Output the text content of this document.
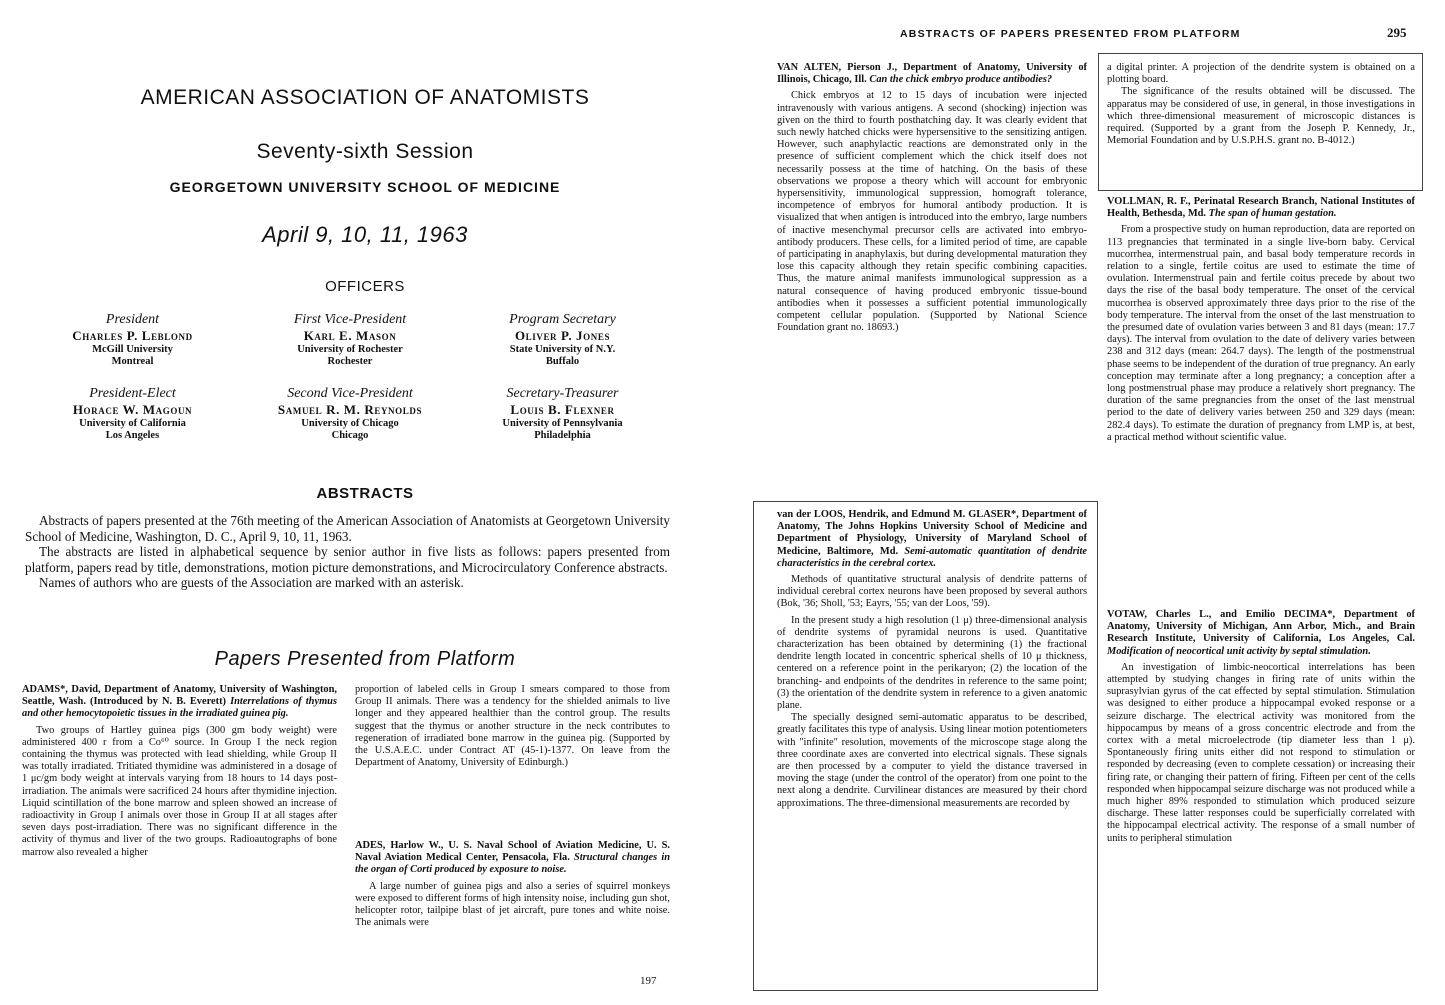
AMERICAN ASSOCIATION OF ANATOMISTS
Seventy-sixth Session
GEORGETOWN UNIVERSITY SCHOOL OF MEDICINE
April 9, 10, 11, 1963
OFFICERS
President
Charles P. Leblond
McGill University
Montreal
First Vice-President
Karl E. Mason
University of Rochester
Rochester
Program Secretary
Oliver P. Jones
State University of N.Y.
Buffalo
President-Elect
Horace W. Magoun
University of California
Los Angeles
Second Vice-President
Samuel R. M. Reynolds
University of Chicago
Chicago
Secretary-Treasurer
Louis B. Flexner
University of Pennsylvania
Philadelphia
ABSTRACTS

Abstracts of papers presented at the 76th meeting of the American Association of Anatomists at Georgetown University School of Medicine, Washington, D. C., April 9, 10, 11, 1963.

The abstracts are listed in alphabetical sequence by senior author in five lists as follows: papers presented from platform, papers read by title, demonstrations, motion picture demonstrations, and Microcirculatory Conference abstracts.

Names of authors who are guests of the Association are marked with an asterisk.

Papers Presented from Platform

ADAMS*, David, Department of Anatomy, University of Washington, Seattle, Wash. (Introduced by N. B. Everett) Interrelations of thymus and other hemocytopoietic tissues in the irradiated guinea pig.

Two groups of Hartley guinea pigs (300 gm body weight) were administered 400 r from a Co⁶⁰ source. In Group I the neck region containing the thymus was protected with lead shielding, while Group II was totally irradiated. Tritiated thymidine was administered in a dosage of 1 μc/gm body weight at intervals varying from 18 hours to 14 days post-irradiation. The animals were sacrificed 24 hours after thymidine injection. Liquid scintillation of the bone marrow and spleen showed an increase of radioactivity in Group I animals over those in Group II at all stages after seven days post-irradiation. There was no significant difference in the activity of thymus and liver of the two groups. Radioautographs of bone marrow also revealed a higher

proportion of labeled cells in Group I smears compared to those from Group II animals. There was a tendency for the shielded animals to live longer and they appeared healthier than the control group. The results suggest that the thymus or another structure in the neck contributes to regeneration of irradiated bone marrow in the guinea pig. (Supported by the U.S.A.E.C. under Contract AT (45-1)-1377. On leave from the Department of Anatomy, University of Edinburgh.)

ADES, Harlow W., U. S. Naval School of Aviation Medicine, U. S. Naval Aviation Medical Center, Pensacola, Fla. Structural changes in the organ of Corti produced by exposure to noise.

A large number of guinea pigs and also a series of squirrel monkeys were exposed to different forms of high intensity noise, including gun shot, helicopter rotor, tailpipe blast of jet aircraft, pure tones and white noise. The animals were

197
ABSTRACTS OF PAPERS PRESENTED FROM PLATFORM	295

VAN ALTEN, Pierson J., Department of Anatomy, University of Illinois, Chicago, Ill. Can the chick embryo produce antibodies?

Chick embryos at 12 to 15 days of incubation were injected intravenously with various antigens. A second (shocking) injection was given on the third to fourth posthatching day. It was clearly evident that such newly hatched chicks were hypersensitive to the sensitizing antigen. However, such anaphylactic reactions are demonstrated only in the presence of sufficient complement which the chick itself does not necessarily possess at the time of hatching. On the basis of these observations we propose a theory which will account for embryonic hypersensitivity, immunological suppression, homograft tolerance, incompetence of embryos for humoral antibody production. It is visualized that when antigen is introduced into the embryo, large numbers of inactive mesenchymal precursor cells are activated into embryo-antibody producers. These cells, for a limited period of time, are capable of participating in anaphylaxis, but during developmental maturation they lose this capacity although they retain specific combining capacities. Thus, the mature animal manifests immunological suppression as a natural consequence of having produced embryonic tissue-bound antibodies when it possesses a sufficient potential immunologically competent cellular population. (Supported by National Science Foundation grant no. 18693.)

van der LOOS, Hendrik, and Edmund M. GLASER*, Department of Anatomy, The Johns Hopkins University School of Medicine and Department of Physiology, University of Maryland School of Medicine, Baltimore, Md. Semi-automatic quantitation of dendrite characteristics in the cerebral cortex.

Methods of quantitative structural analysis of dendrite patterns of individual cerebral cortex neurons have been proposed by several authors (Bok, '36; Sholl, '53; Eayrs, '55; van der Loos, '59).

In the present study a high resolution (1 μ) three-dimensional analysis of dendrite systems of pyramidal neurons is used. Quantitative characterization has been obtained by determining (1) the fractional dendrite length located in concentric spherical shells of 10 μ thickness, centered on a reference point in the perikaryon; (2) the location of the branching- and endpoints of the dendrites in reference to the same point; (3) the orientation of the dendrite system in reference to a given anatomic plane.

The specially designed semi-automatic apparatus to be described, greatly facilitates this type of analysis. Using linear motion potentiometers with "infinite" resolution, movements of the microscope stage along the three coordinate axes are converted into electrical signals. These signals are then processed by a computer to yield the distance traversed in moving the stage (under the control of the operator) from one point to the next along a dendrite. Curvilinear distances are measured by their chord approximations. The three-dimensional measurements are recorded by

a digital printer. A projection of the dendrite system is obtained on a plotting board.

The significance of the results obtained will be discussed. The apparatus may be considered of use, in general, in those investigations in which three-dimensional measurement of microscopic distances is required. (Supported by a grant from the Joseph P. Kennedy, Jr., Memorial Foundation and by U.S.P.H.S. grant no. B-4012.)

VOLLMAN, R. F., Perinatal Research Branch, National Institutes of Health, Bethesda, Md. The span of human gestation.

From a prospective study on human reproduction, data are reported on 113 pregnancies that terminated in a single live-born baby. Cervical mucorrhea, intermenstrual pain, and basal body temperature records in relation to a single, fertile coitus are used to estimate the time of ovulation. Intermenstrual pain and fertile coitus precede by about two days the rise of the basal body temperature. The onset of the cervical mucorrhea is observed approximately three days prior to the rise of the body temperature. The interval from the onset of the last menstruation to the presumed date of ovulation varies between 3 and 81 days (mean: 17.7 days). The interval from ovulation to the date of delivery varies between 238 and 312 days (mean: 264.7 days). The length of the postmenstrual phase seems to be independent of the duration of true pregnancy. An early conception may terminate after a long pregnancy; a conception after a long postmenstrual phase may produce a relatively short pregnancy. The duration of the same pregnancies from the onset of the last menstrual period to the date of delivery varies between 250 and 329 days (mean: 282.4 days). To estimate the duration of pregnancy from LMP is, at best, a practical method without scientific value.

VOTAW, Charles L., and Emilio DECIMA*, Department of Anatomy, University of Michigan, Ann Arbor, Mich., and Brain Research Institute, University of California, Los Angeles, Cal. Modification of neocortical unit activity by septal stimulation.

An investigation of limbic-neocortical interrelations has been attempted by studying changes in firing rate of units within the suprasylvian gyrus of the cat effected by septal stimulation. Stimulation was designed to either produce a hippocampal evoked response or a seizure discharge. The electrical activity was monitored from the hippocampus by means of a gross concentric electrode and from the cortex with a metal microelectrode (tip diameter less than 1 μ). Spontaneously firing units either did not respond to stimulation or responded by decreasing (even to complete cessation) or increasing their firing rate, or changing their pattern of firing. Fifteen per cent of the cells responded when hippocampal seizure discharge was not produced while a much higher 89% responded to stimulation which produced seizure discharge. These latter responses could be superficially correlated with the hippocampal electrical activity. The response of a small number of units to peripheral stimulation
